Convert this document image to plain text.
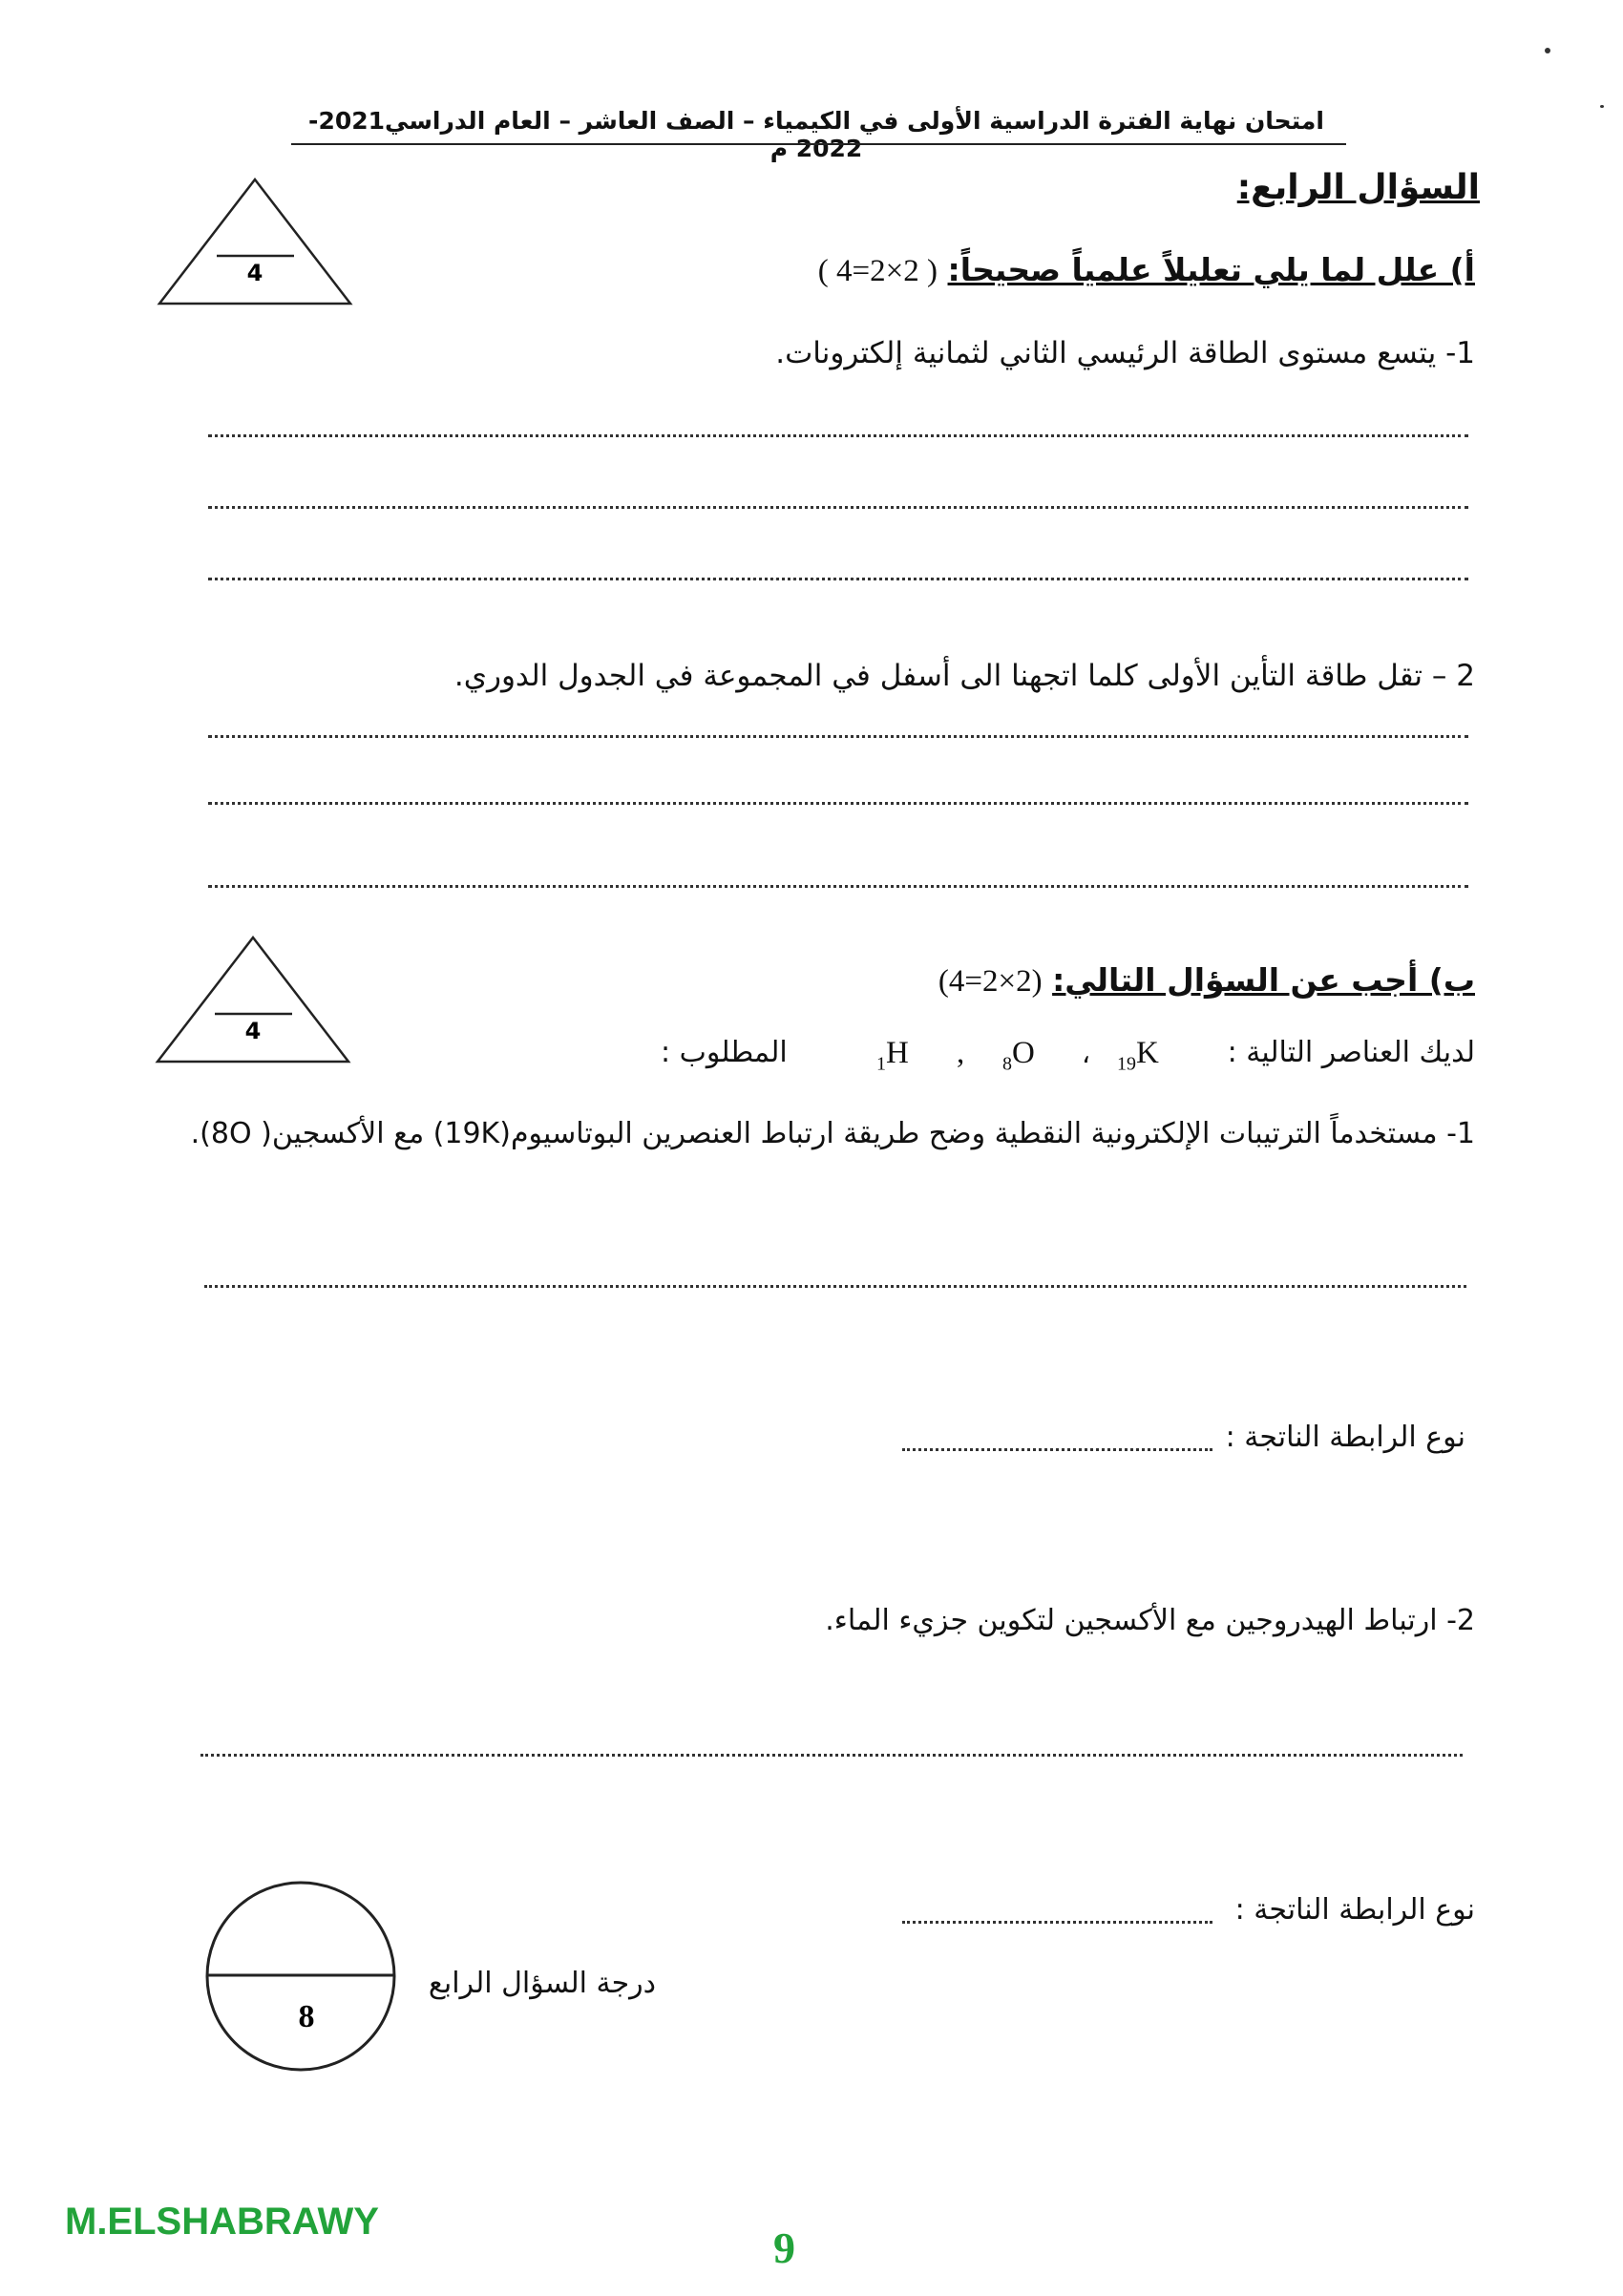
امتحان نهاية الفترة الدراسية الأولى في الكيمياء – الصف العاشر – العام الدراسي2021- 2022 م
السؤال الرابع:
4	أ) علل لما يلي تعليلاً علمياً صحيحاً: ( 2×2=4 )
1- يتسع مستوى الطاقة الرئيسي الثاني لثمانية إلكترونات.
2 – تقل طاقة التأين الأولى كلما اتجهنا الى أسفل في المجموعة في الجدول الدوري.
4
ب) أجب عن السؤال التالي: (2×2=4)
المطلوب :	$_1$H , $_8$O ، $_{19}$K لديك العناصر التالية :
1- مستخدماً الترتيبات الإلكترونية النقطية وضح طريقة ارتباط العنصرين البوتاسيوم(19K) مع الأكسجين( 8O).
نوع الرابطة الناتجة :
2- ارتباط الهيدروجين مع الأكسجين لتكوين جزيء الماء.
نوع الرابطة الناتجة :
8
درجة السؤال الرابع
M.ELSHABRAWY
9
